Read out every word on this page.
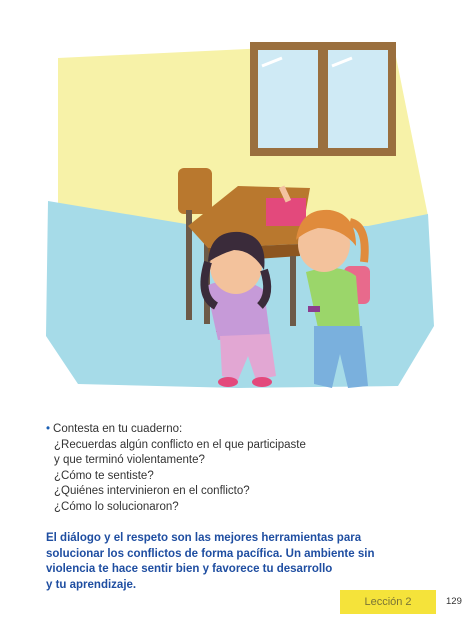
• Contesta en tu cuaderno:
¿Recuerdas algún conflicto en el que participaste
y que terminó violentamente?
¿Cómo te sentiste?
¿Quiénes intervinieron en el conflicto?
¿Cómo lo solucionaron?
El diálogo y el respeto son las mejores herramientas para
solucionar los conflictos de forma pacífica. Un ambiente sin
violencia te hace sentir bien y favorece tu desarrollo
y tu aprendizaje.
Lección 2	129
